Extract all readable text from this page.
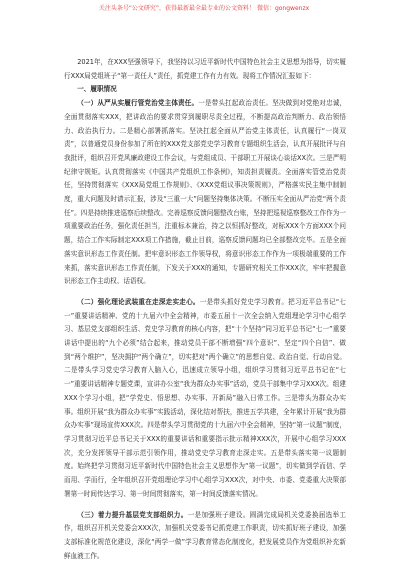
关注头条号“公文研究”，获得最新最全最专业的公文资料！ 微信：gongwenzx

2021年，在XXX坚强领导下，我坚持以习近平新时代中国特色社会主义思想为指导，切实履行XXX局党组班子“第一责任人”责任，抓党建工作有力有效。现将工作情况汇报如下：

一、履职情况

（一）从严从实履行管党治党主体责任。一是带头扛起政治责任。坚决做到对党绝对忠诚，全面贯彻落实XXX，把讲政治的要求贯穿到履职尽责全过程，不断提高政治判断力、政治领悟力、政治执行力。二是精心部署抓落实。坚决扛起全面从严治党主体责任，认真履行“一岗双责”，以普通党员身份参加了所在的XXX党支部党史学习教育专题组织生活会，认真开展批评与自我批评，组织召开党风廉政建设工作会议，与党组成员、干部职工开展谈心谈话XX次。三是严明纪律守规矩。认真贯彻落实《中国共产党组织工作条例》，知责担责履责。全面落实管党治党责任，坚持贯彻落实《XXX局党组工作规则》、《XXX党组议事决策规则》，严格落实民主集中制制度，重大问题及时请示汇报，涉及“三重一大”问题坚持集体决策。不断压实全面从严治党“两个责任”。四是持续推进巡察后续整改。完善巡察反馈问题整改台账，坚持把巡视巡察整改工作作为一项重要政治任务，强化责任担当，注重标本兼治，持之以恒抓好整改，对标XXX个方面XXX个问题，结合工作实际制定XXX项工作措施，截止目前，巡察反馈问题均已全部整改完毕。五是全面落实意识形态工作责任制。把牢意识形态工作领导权，将意识形态工作作为一项极端重要的工作来抓，落实意识形态工作责任制，下发关于XXX的通知，专题研究相关工作XXX次，牢牢把握意识形态工作主动权、话语权。

（二）强化理论武装重在走深走实走心。一是带头抓好党史学习教育。把习近平总书记“七一”重要讲话精神、党的十九届六中全会精神，市委五届十一次全会纳入党组理论学习中心组学习、基层党支部组织生活、党史学习教育的核心内容，把“十个坚持”同习近平总书记“七一”重要讲话中提出的“九个必须”结合起来，推动党员干部不断增强“四个意识”、坚定“四个自信”、做到“两个维护”，坚决拥护“两个确立”，切实把对“两个确立”的思想自觉、政治自觉、行动自觉。二是带头学习党史学习教育入脑入心，迅速成立领导小组，组织学习贯彻习近平总书记在“七一”重要讲话精神专题党课，宣讲办公室“我为群众办实事”活动，党员干部集中学习XXX次。组建XXX个学习小组，把“学党史、悟思想、办实事、开新局”融入日常工作。三是带头为群众办实事。组织开展“我为群众办实事”实践活动，深化结对帮扶，推进五学共建，全年累计开展“我为群众办实事”现场宣传XXX次。四是带头学习贯彻党的十九届六中全会精神，坚持“第一议题”制度，学习贯彻习近平总书记关于XXX的重要讲话和重要指示批示精神XXX次，开展中心组学习XXX次，充分发挥领导干部示范引领作用，推动党史学习教育走深走实。五是带头落实第一议题制度。始终把学习贯彻习近平新时代中国特色社会主义思想作为“第一议题”，切实做到学而信、学而用、学而行，全年组织召开党组理论学习中心组学习XXX次，对中央、市委、党委重大决策部署第一时间传达学习、第一时间贯彻落实，第一时间反馈落实情况。

（三）着力提升基层党支部组织力。一是加强班子建设。圆满完成局机关党委换届选举工作，组织召开机关党委会XXX次，加强机关党委书记抓党建工作职责，切实抓好班子建设，加强支部标准化规范化建设，深化“两学一做”学习教育常态化制度化，把发展党员作为党组织补充新鲜血液工作。
